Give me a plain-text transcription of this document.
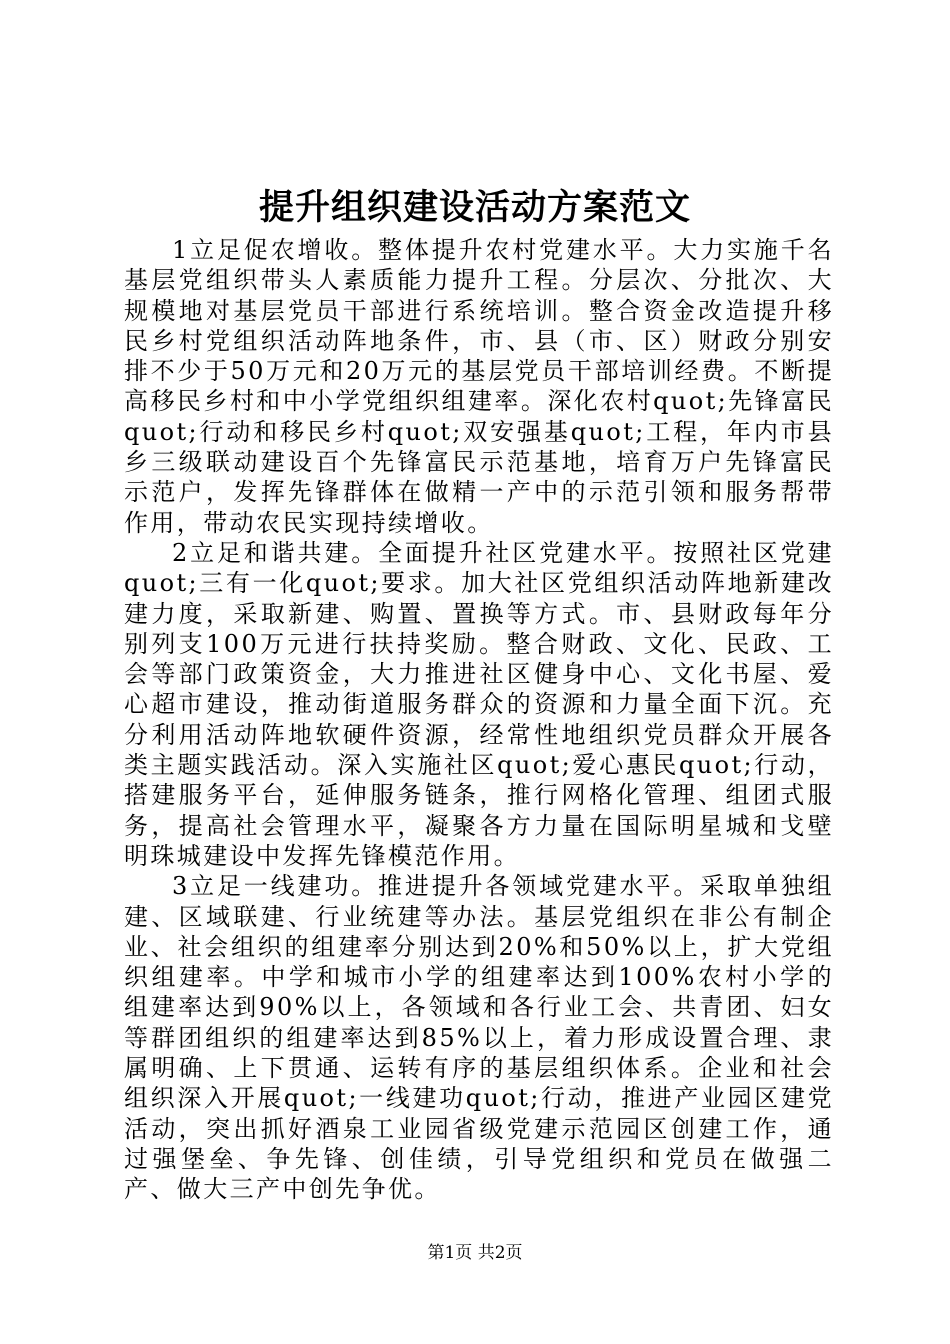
提升组织建设活动方案范文

1立足促农增收。整体提升农村党建水平。大力实施千名基层党组织带头人素质能力提升工程。分层次、分批次、大规模地对基层党员干部进行系统培训。整合资金改造提升移民乡村党组织活动阵地条件，市、县（市、区）财政分别安排不少于50万元和20万元的基层党员干部培训经费。不断提高移民乡村和中小学党组织组建率。深化农村quot;先锋富民quot;行动和移民乡村quot;双安强基quot;工程，年内市县乡三级联动建设百个先锋富民示范基地，培育万户先锋富民示范户，发挥先锋群体在做精一产中的示范引领和服务帮带作用，带动农民实现持续增收。

2立足和谐共建。全面提升社区党建水平。按照社区党建quot;三有一化quot;要求。加大社区党组织活动阵地新建改建力度，采取新建、购置、置换等方式。市、县财政每年分别列支100万元进行扶持奖励。整合财政、文化、民政、工会等部门政策资金，大力推进社区健身中心、文化书屋、爱心超市建设，推动街道服务群众的资源和力量全面下沉。充分利用活动阵地软硬件资源，经常性地组织党员群众开展各类主题实践活动。深入实施社区quot;爱心惠民quot;行动，搭建服务平台，延伸服务链条，推行网格化管理、组团式服务，提高社会管理水平，凝聚各方力量在国际明星城和戈壁明珠城建设中发挥先锋模范作用。

3立足一线建功。推进提升各领域党建水平。采取单独组建、区域联建、行业统建等办法。基层党组织在非公有制企业、社会组织的组建率分别达到20%和50%以上，扩大党组织组建率。中学和城市小学的组建率达到100%农村小学的组建率达到90%以上，各领域和各行业工会、共青团、妇女等群团组织的组建率达到85%以上，着力形成设置合理、隶属明确、上下贯通、运转有序的基层组织体系。企业和社会组织深入开展quot;一线建功quot;行动，推进产业园区建党活动，突出抓好酒泉工业园省级党建示范园区创建工作，通过强堡垒、争先锋、创佳绩，引导党组织和党员在做强二产、做大三产中创先争优。

第1页 共2页
